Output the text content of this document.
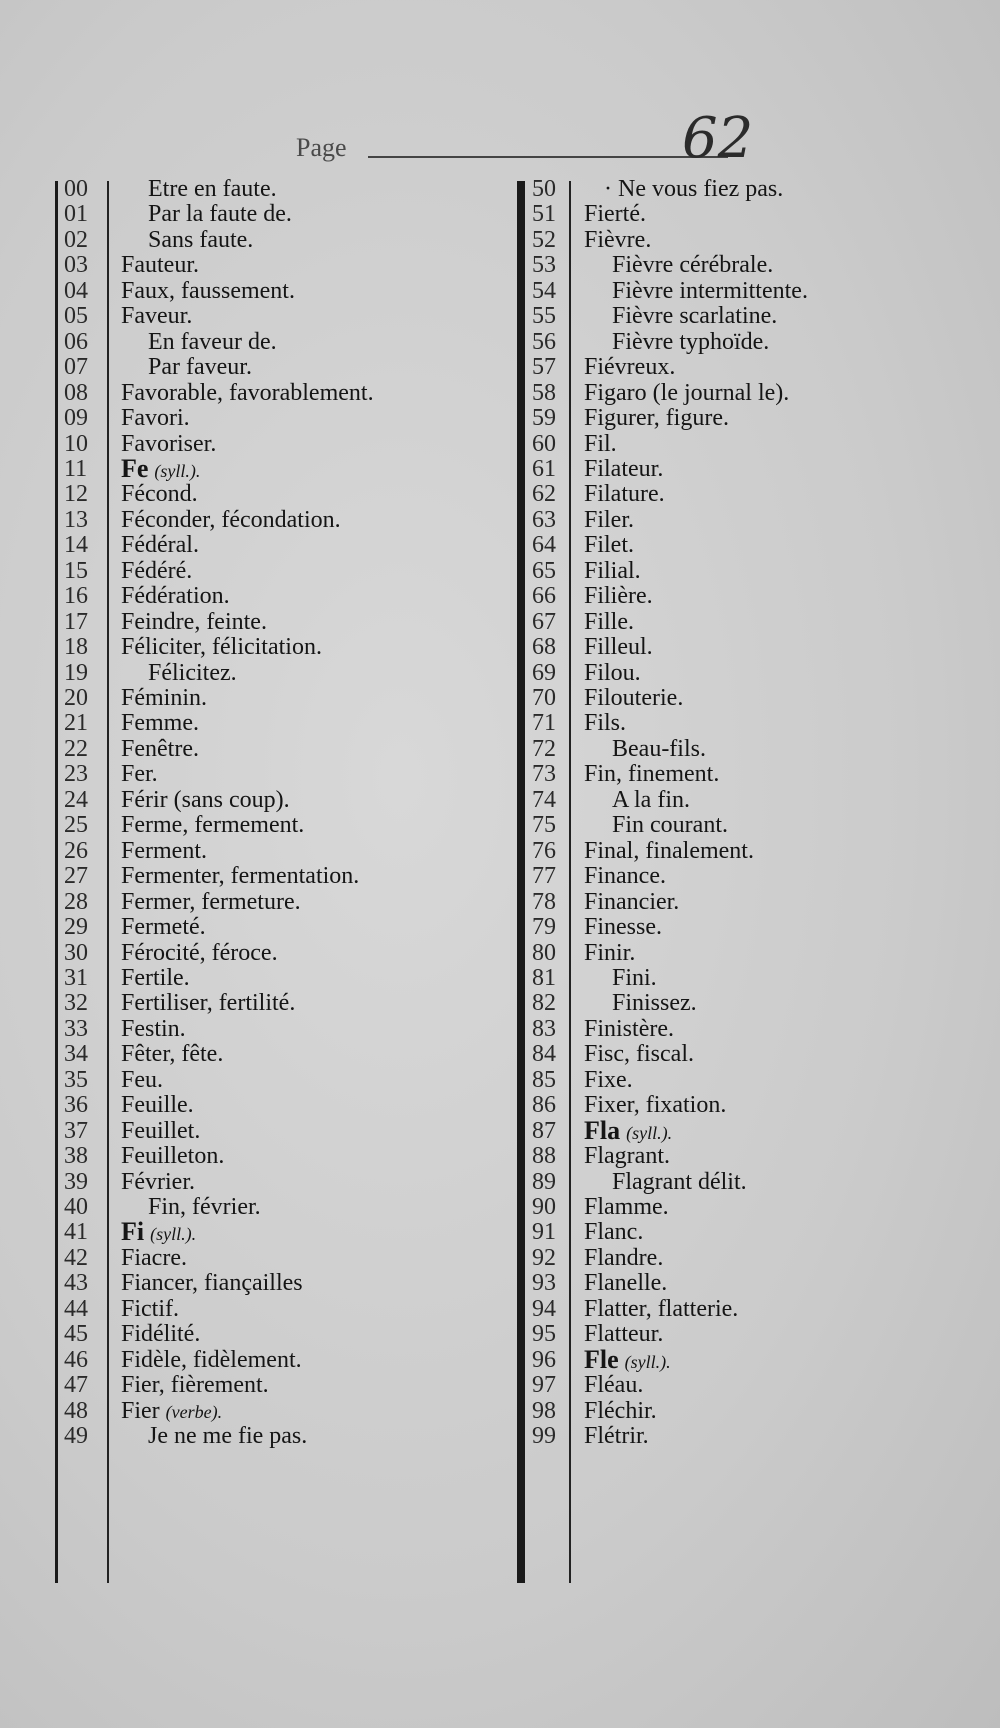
Page	62
00	Etre en faute.
01	Par la faute de.
02	Sans faute.
03	Fauteur.
04	Faux, faussement.
05	Faveur.
06	En faveur de.
07	Par faveur.
08	Favorable, favorablement.
09	Favori.
10	Favoriser.
11	Fe (syll.).
12	Fécond.
13	Féconder, fécondation.
14	Fédéral.
15	Fédéré.
16	Fédération.
17	Feindre, feinte.
18	Féliciter, félicitation.
19	Félicitez.
20	Féminin.
21	Femme.
22	Fenêtre.
23	Fer.
24	Férir (sans coup).
25	Ferme, fermement.
26	Ferment.
27	Fermenter, fermentation.
28	Fermer, fermeture.
29	Fermeté.
30	Férocité, féroce.
31	Fertile.
32	Fertiliser, fertilité.
33	Festin.
34	Fêter, fête.
35	Feu.
36	Feuille.
37	Feuillet.
38	Feuilleton.
39	Février.
40	Fin, février.
41	Fi (syll.).
42	Fiacre.
43	Fiancer, fiançailles
44	Fictif.
45	Fidélité.
46	Fidèle, fidèlement.
47	Fier, fièrement.
48	Fier (verbe).
49	Je ne me fie pas.
50	· Ne vous fiez pas.
51	Fierté.
52	Fièvre.
53	Fièvre cérébrale.
54	Fièvre intermittente.
55	Fièvre scarlatine.
56	Fièvre typhoïde.
57	Fiévreux.
58	Figaro (le journal le).
59	Figurer, figure.
60	Fil.
61	Filateur.
62	Filature.
63	Filer.
64	Filet.
65	Filial.
66	Filière.
67	Fille.
68	Filleul.
69	Filou.
70	Filouterie.
71	Fils.
72	Beau-fils.
73	Fin, finement.
74	A la fin.
75	Fin courant.
76	Final, finalement.
77	Finance.
78	Financier.
79	Finesse.
80	Finir.
81	Fini.
82	Finissez.
83	Finistère.
84	Fisc, fiscal.
85	Fixe.
86	Fixer, fixation.
87	Fla (syll.).
88	Flagrant.
89	Flagrant délit.
90	Flamme.
91	Flanc.
92	Flandre.
93	Flanelle.
94	Flatter, flatterie.
95	Flatteur.
96	Fle (syll.).
97	Fléau.
98	Fléchir.
99	Flétrir.
